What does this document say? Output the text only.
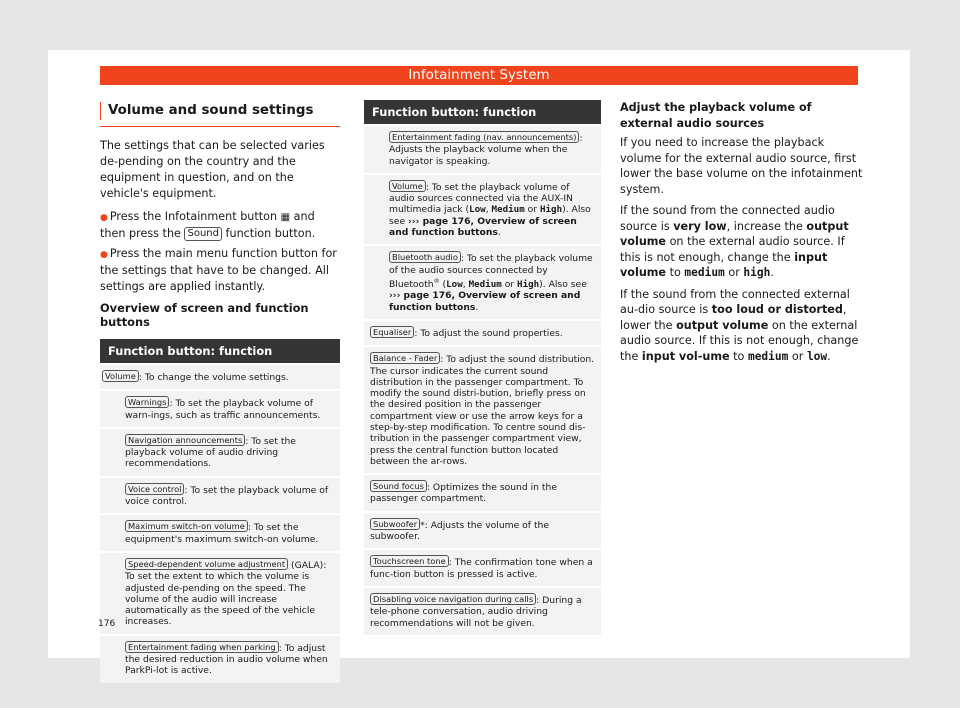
Infotainment System
Volume and sound settings

The settings that can be selected varies de-pending on the country and the equipment in question, and on the vehicle's equipment.

● Press the Infotainment button ▦ and then press the Sound function button.

● Press the main menu function button for the settings that have to be changed. All settings are applied instantly.

Overview of screen and function buttons

Function button: function
Volume : To change the volume settings.
Warnings : To set the playback volume of warn-ings, such as traffic announcements.
Navigation announcements : To set the playback volume of audio driving recommendations.
Voice control : To set the playback volume of voice control.
Maximum switch-on volume : To set the equipment's maximum switch-on volume.
Speed-dependent volume adjustment (GALA): To set the extent to which the volume is adjusted de-pending on the speed. The volume of the audio will increase automatically as the speed of the vehicle increases.
Entertainment fading when parking : To adjust the desired reduction in audio volume when ParkPi-lot is active.
Function button: function
Entertainment fading (nav. announcements) : Adjusts the playback volume when the navigator is speaking.
Volume : To set the playback volume of audio sources connected via the AUX-IN multimedia jack (Low, Medium or High). Also see ››› page 176, Overview of screen and function buttons.
Bluetooth audio : To set the playback volume of the audio sources connected by Bluetooth® (Low, Medium or High). Also see ››› page 176, Overview of screen and function buttons.
Equaliser : To adjust the sound properties.
Balance - Fader : To adjust the sound distribution. The cursor indicates the current sound distribution in the passenger compartment. To modify the sound distri-bution, briefly press on the desired position in the passenger compartment view or use the arrow keys for a step-by-step modification. To centre sound dis-tribution in the passenger compartment view, press the central function button located between the ar-rows.
Sound focus : Optimizes the sound in the passenger compartment.
Subwoofer *: Adjusts the volume of the subwoofer.
Touchscreen tone : The confirmation tone when a func-tion button is pressed is active.
Disabling voice navigation during calls : During a tele-phone conversation, audio driving recommendations will not be given.

Adjust the playback volume of external audio sources

If you need to increase the playback volume for the external audio source, first lower the base volume on the infotainment system.

If the sound from the connected audio source is very low, increase the output volume on the external audio source. If this is not enough, change the input volume to medium or high.

If the sound from the connected external au-dio source is too loud or distorted, lower the output volume on the external audio source. If this is not enough, change the input vol-ume to medium or low.

176
